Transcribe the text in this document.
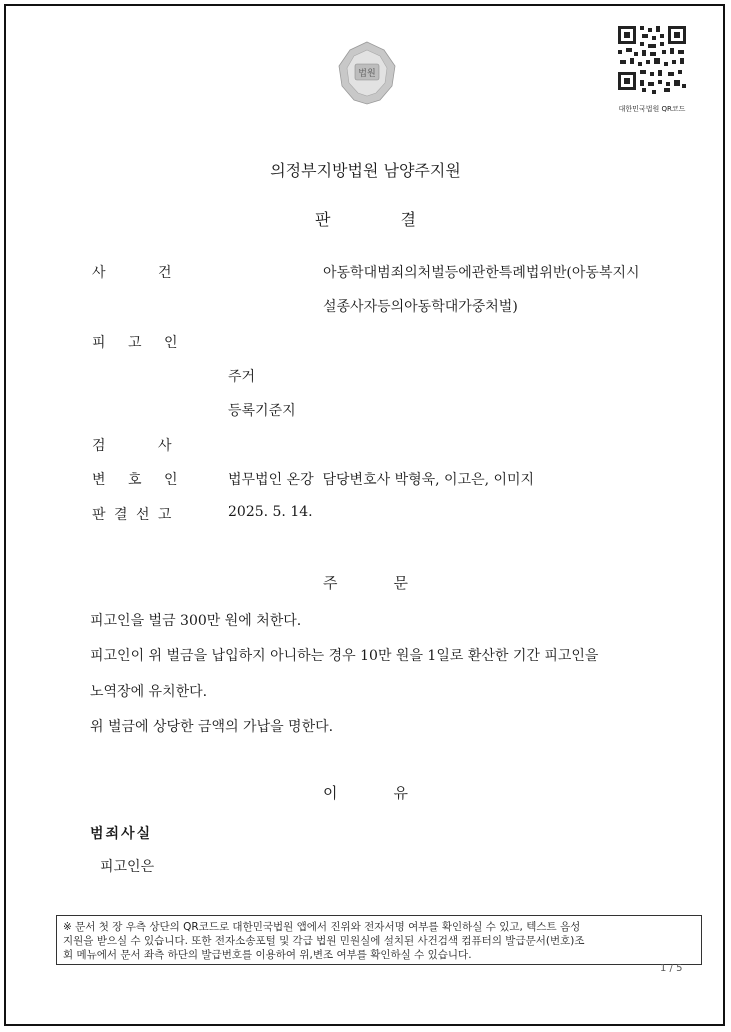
법원
대한민국법원 QR코드
의정부지방법원 남양주지원
판결
사 건	아동학대범죄의처벌등에관한특례법위반(아동복지시
설종사자등의아동학대가중처벌)
피 고 인
주거
등록기준지
검 사
변 호 인	법무법인 온강  담당변호사 박형욱, 이고은, 이미지
판 결 선 고	2025. 5. 14.
주문
피고인을 벌금 300만 원에 처한다.
피고인이 위 벌금을 납입하지 아니하는 경우 10만 원을 1일로 환산한 기간 피고인을
노역장에 유치한다.
위 벌금에 상당한 금액의 가납을 명한다.
이유
범죄사실
피고인은
※ 문서 첫 장 우측 상단의 QR코드로 대한민국법원 앱에서 진위와 전자서명 여부를 확인하실 수 있고, 텍스트 음성
지원을 받으실 수 있습니다. 또한 전자소송포털 및 각급 법원 민원실에 설치된 사건검색 컴퓨터의 발급문서(번호)조
회 메뉴에서 문서 좌측 하단의 발급번호를 이용하여 위,변조 여부를 확인하실 수 있습니다.
1 / 5
